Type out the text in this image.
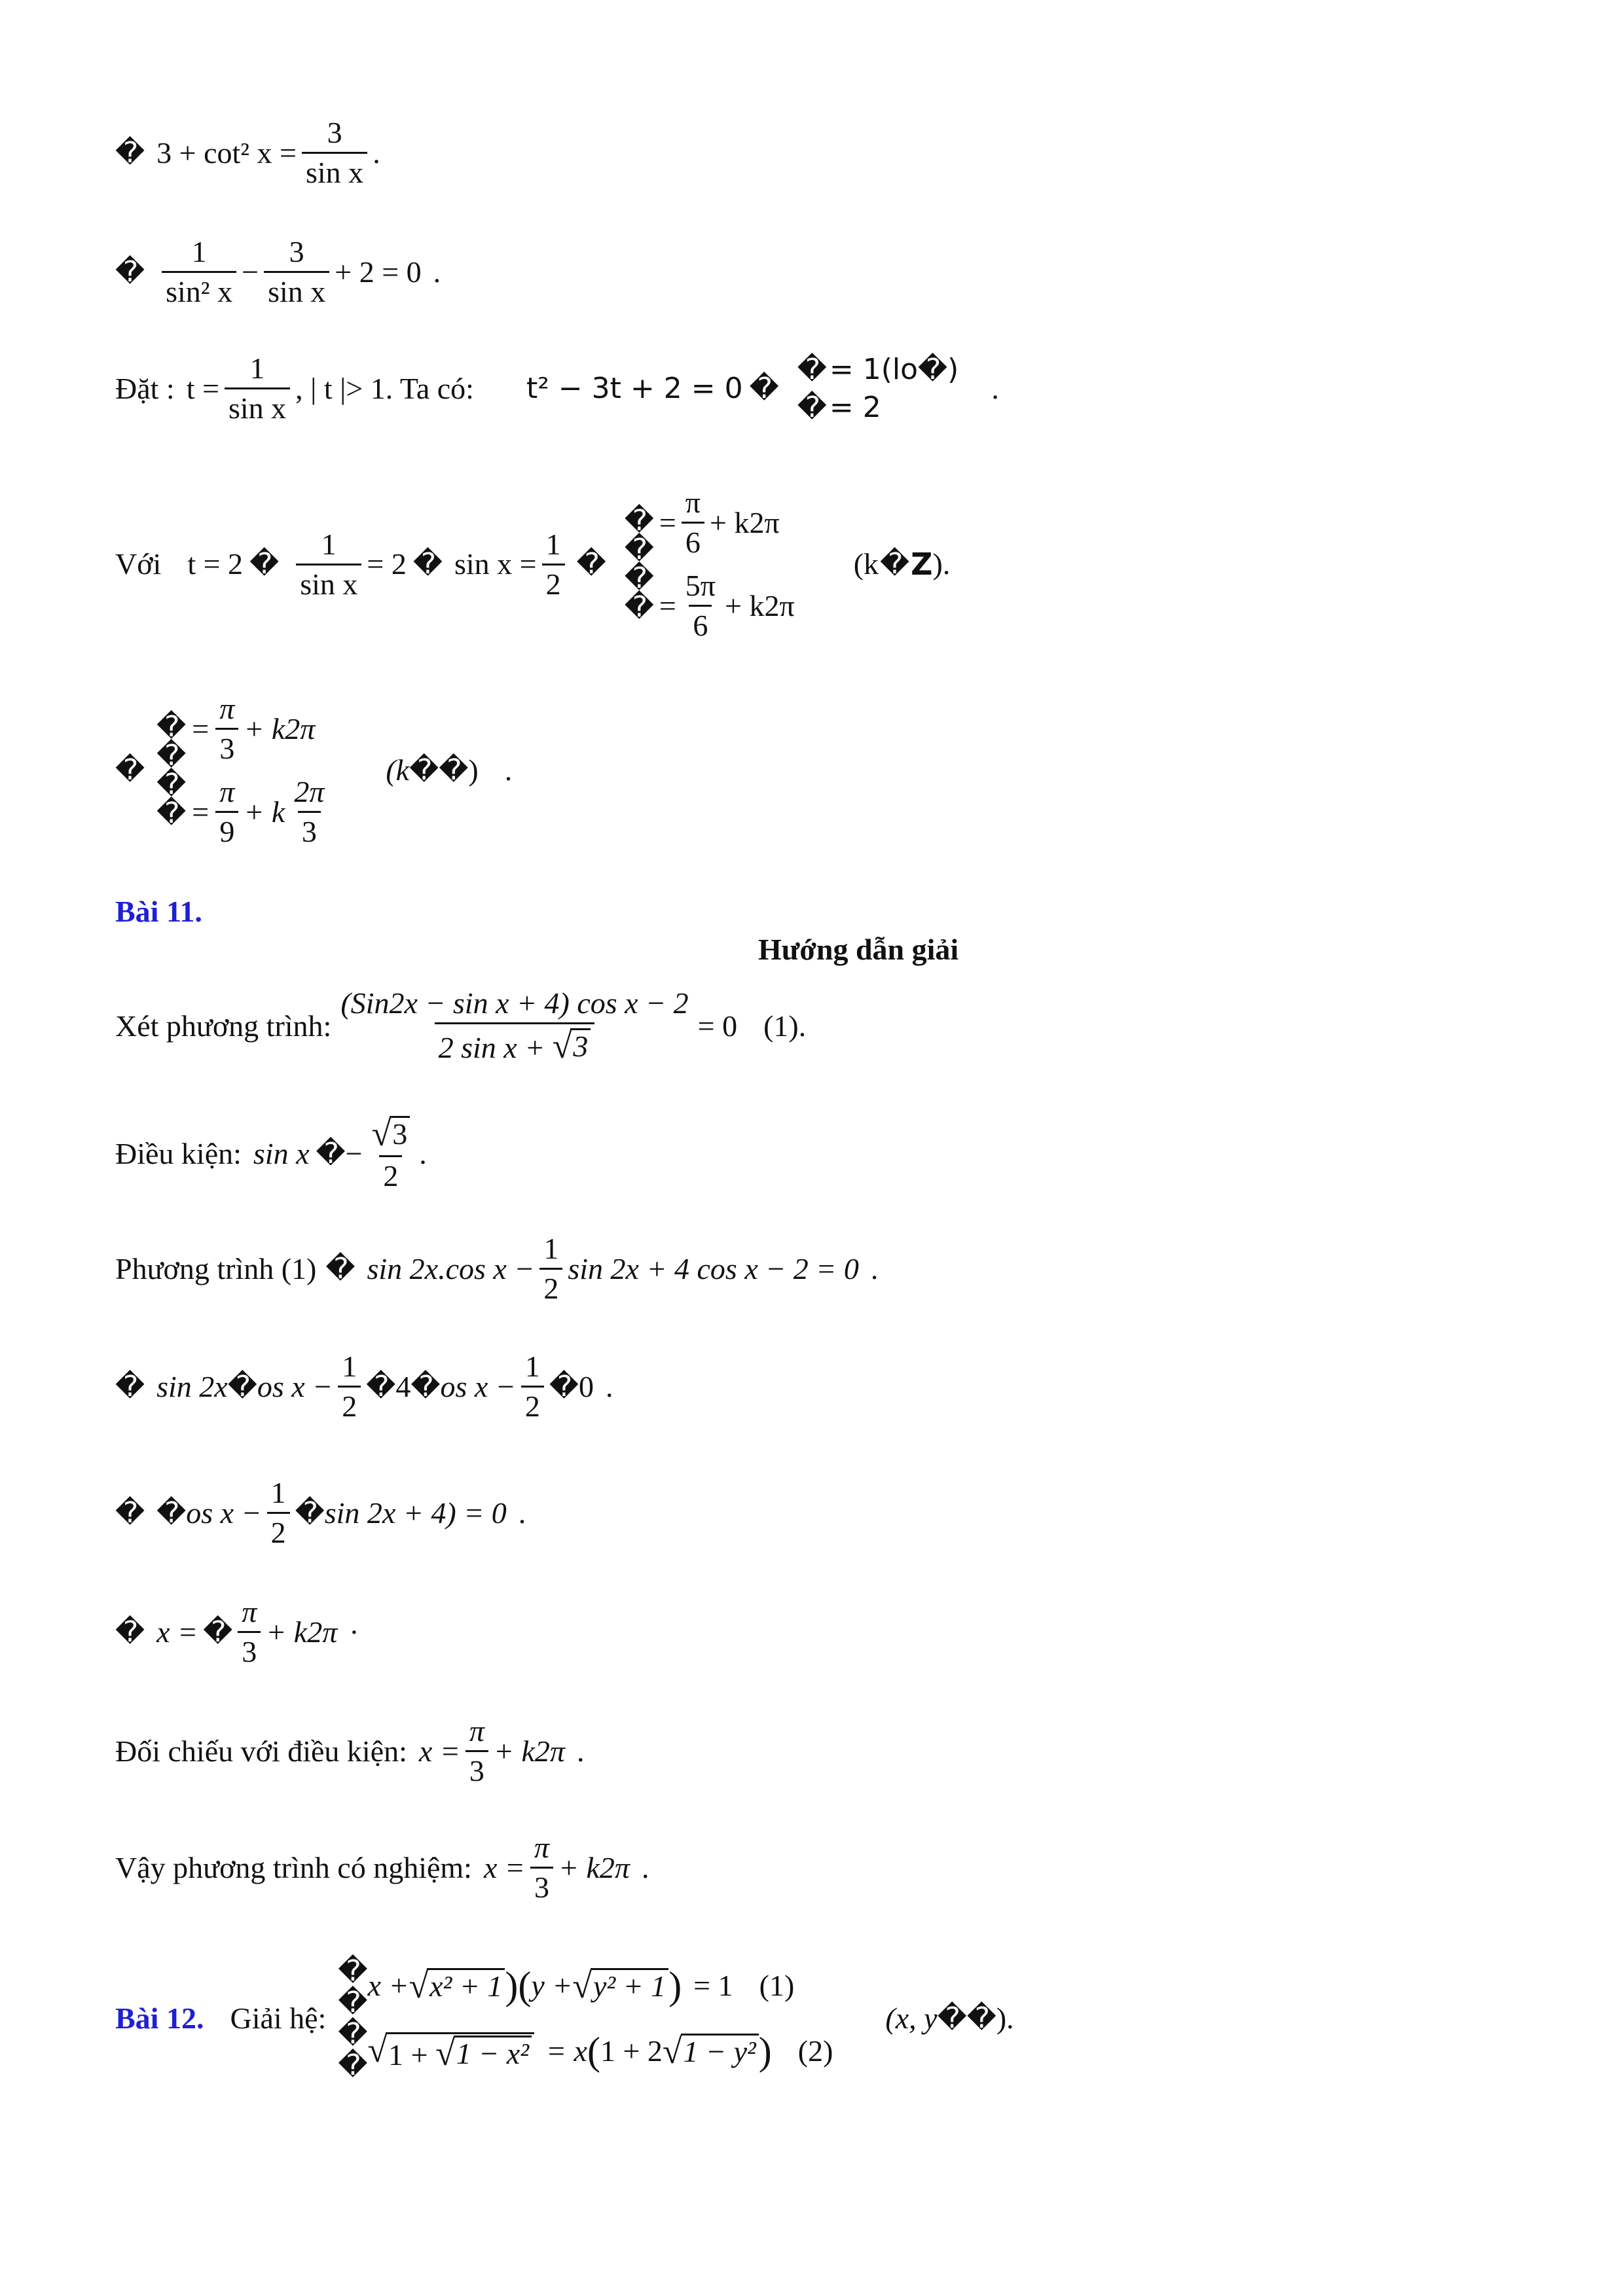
� 3 + cot² $x = \frac{3}{\text{sin x}}$ .
� $\frac{1}{\text{sin² x}} - \frac{3}{\text{sin x}} + 2 = 0$ .
Đặt : $t = \frac{1}{\text{sin x}}$ , | t |> 1. Ta có: t² − 3t + 2 = 0 �
� = 1(lo � )
� = 2
.
Với t = 2 � $\frac{1}{\text{sin x}} = 2$ � $\sin x = \frac{1}{2}$ �
�
�
�
�
= $\frac{\pi}{6} + k2\pi$
= $\frac{5\pi}{6} + k2\pi$
(k � Z ).
�
�
�
�
�
= $\frac{\pi}{3} + k2\pi$
= $\frac{\pi}{9} + k \frac{2\pi}{3}$
(k � � ) .
Bài 11.
Hướng dẫn giải
Xét phương trình: $\frac{\text{(Sin2x − sin x + 4) cos x − 2}}{\text{2 sin x + √ 3}} = 0$ (1).
Điều kiện: sin x � − $\frac{√ 3}{2}$ .
Phương trình (1) � sin 2x.cos $x - \frac{1}{2}$ sin 2x + 4 cos x − 2 = 0 .
� sin 2x � os $x - \frac{1}{2}$ � 4 � os $x - \frac{1}{2}$ � 0 .
� � os $x - \frac{1}{2}$ � sin 2x + 4) = 0 .
� x = � $\frac{\pi}{3} + k2\pi$ ·
Đối chiếu với điều kiện: $x = \frac{\pi}{3} + k2\pi$ .
Vậy phương trình có nghiệm: $x = \frac{\pi}{3} + k2\pi$ .
Bài 12. Giải hệ:
�
�
�
�
x + √ x² + 1 )( y + √ y² + 1 ) = 1 (1)
√ 1 + √ 1 − x² = x ( 1 + 2 √ 1 − y² ) (2)
(x, y � � ).
